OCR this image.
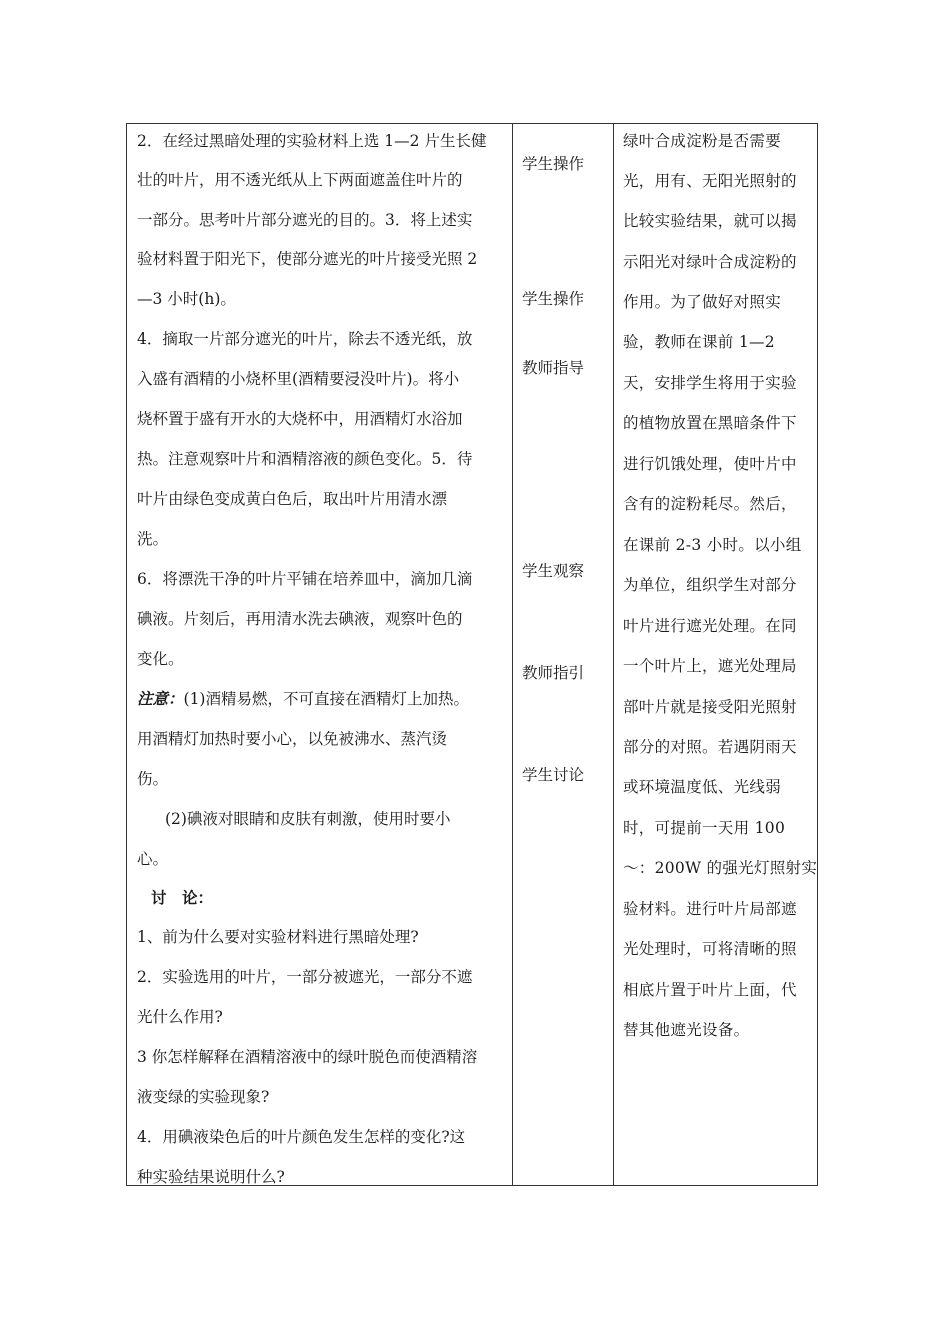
2．在经过黑暗处理的实验材料上选 1—2 片生长健
壮的叶片，用不透光纸从上下两面遮盖住叶片的
一部分。思考叶片部分遮光的目的。3．将上述实
验材料置于阳光下，使部分遮光的叶片接受光照 2
—3 小时(h)。
4．摘取一片部分遮光的叶片，除去不透光纸，放
入盛有酒精的小烧杯里(酒精要浸没叶片)。将小
烧杯置于盛有开水的大烧杯中，用酒精灯水浴加
热。注意观察叶片和酒精溶液的颜色变化。5．待
叶片由绿色变成黄白色后，取出叶片用清水漂
洗。
6．将漂洗干净的叶片平铺在培养皿中，滴加几滴
碘液。片刻后，再用清水洗去碘液，观察叶色的
变化。
注意：(1)酒精易燃，不可直接在酒精灯上加热。
用酒精灯加热时要小心，以免被沸水、蒸汽烫
伤。
(2)碘液对眼睛和皮肤有刺激，使用时要小
心。
讨　论：
1、前为什么要对实验材料进行黑暗处理?
2．实验选用的叶片，一部分被遮光，一部分不遮
光什么作用?
3 你怎样解释在酒精溶液中的绿叶脱色而使酒精溶
液变绿的实验现象?
4．用碘液染色后的叶片颜色发生怎样的变化?这
种实验结果说明什么?
学生操作
学生操作
教师指导
学生观察
教师指引
学生讨论
绿叶合成淀粉是否需要
光，用有、无阳光照射的
比较实验结果，就可以揭
示阳光对绿叶合成淀粉的
作用。为了做好对照实
验，教师在课前 1—2
天，安排学生将用于实验
的植物放置在黑暗条件下
进行饥饿处理，使叶片中
含有的淀粉耗尽。然后，
在课前 2-3 小时。以小组
为单位，组织学生对部分
叶片进行遮光处理。在同
一个叶片上，遮光处理局
部叶片就是接受阳光照射
部分的对照。若遇阴雨天
或环境温度低、光线弱
时，可提前一天用 100
～：200W 的强光灯照射实
验材料。进行叶片局部遮
光处理时，可将清晰的照
相底片置于叶片上面，代
替其他遮光设备。
